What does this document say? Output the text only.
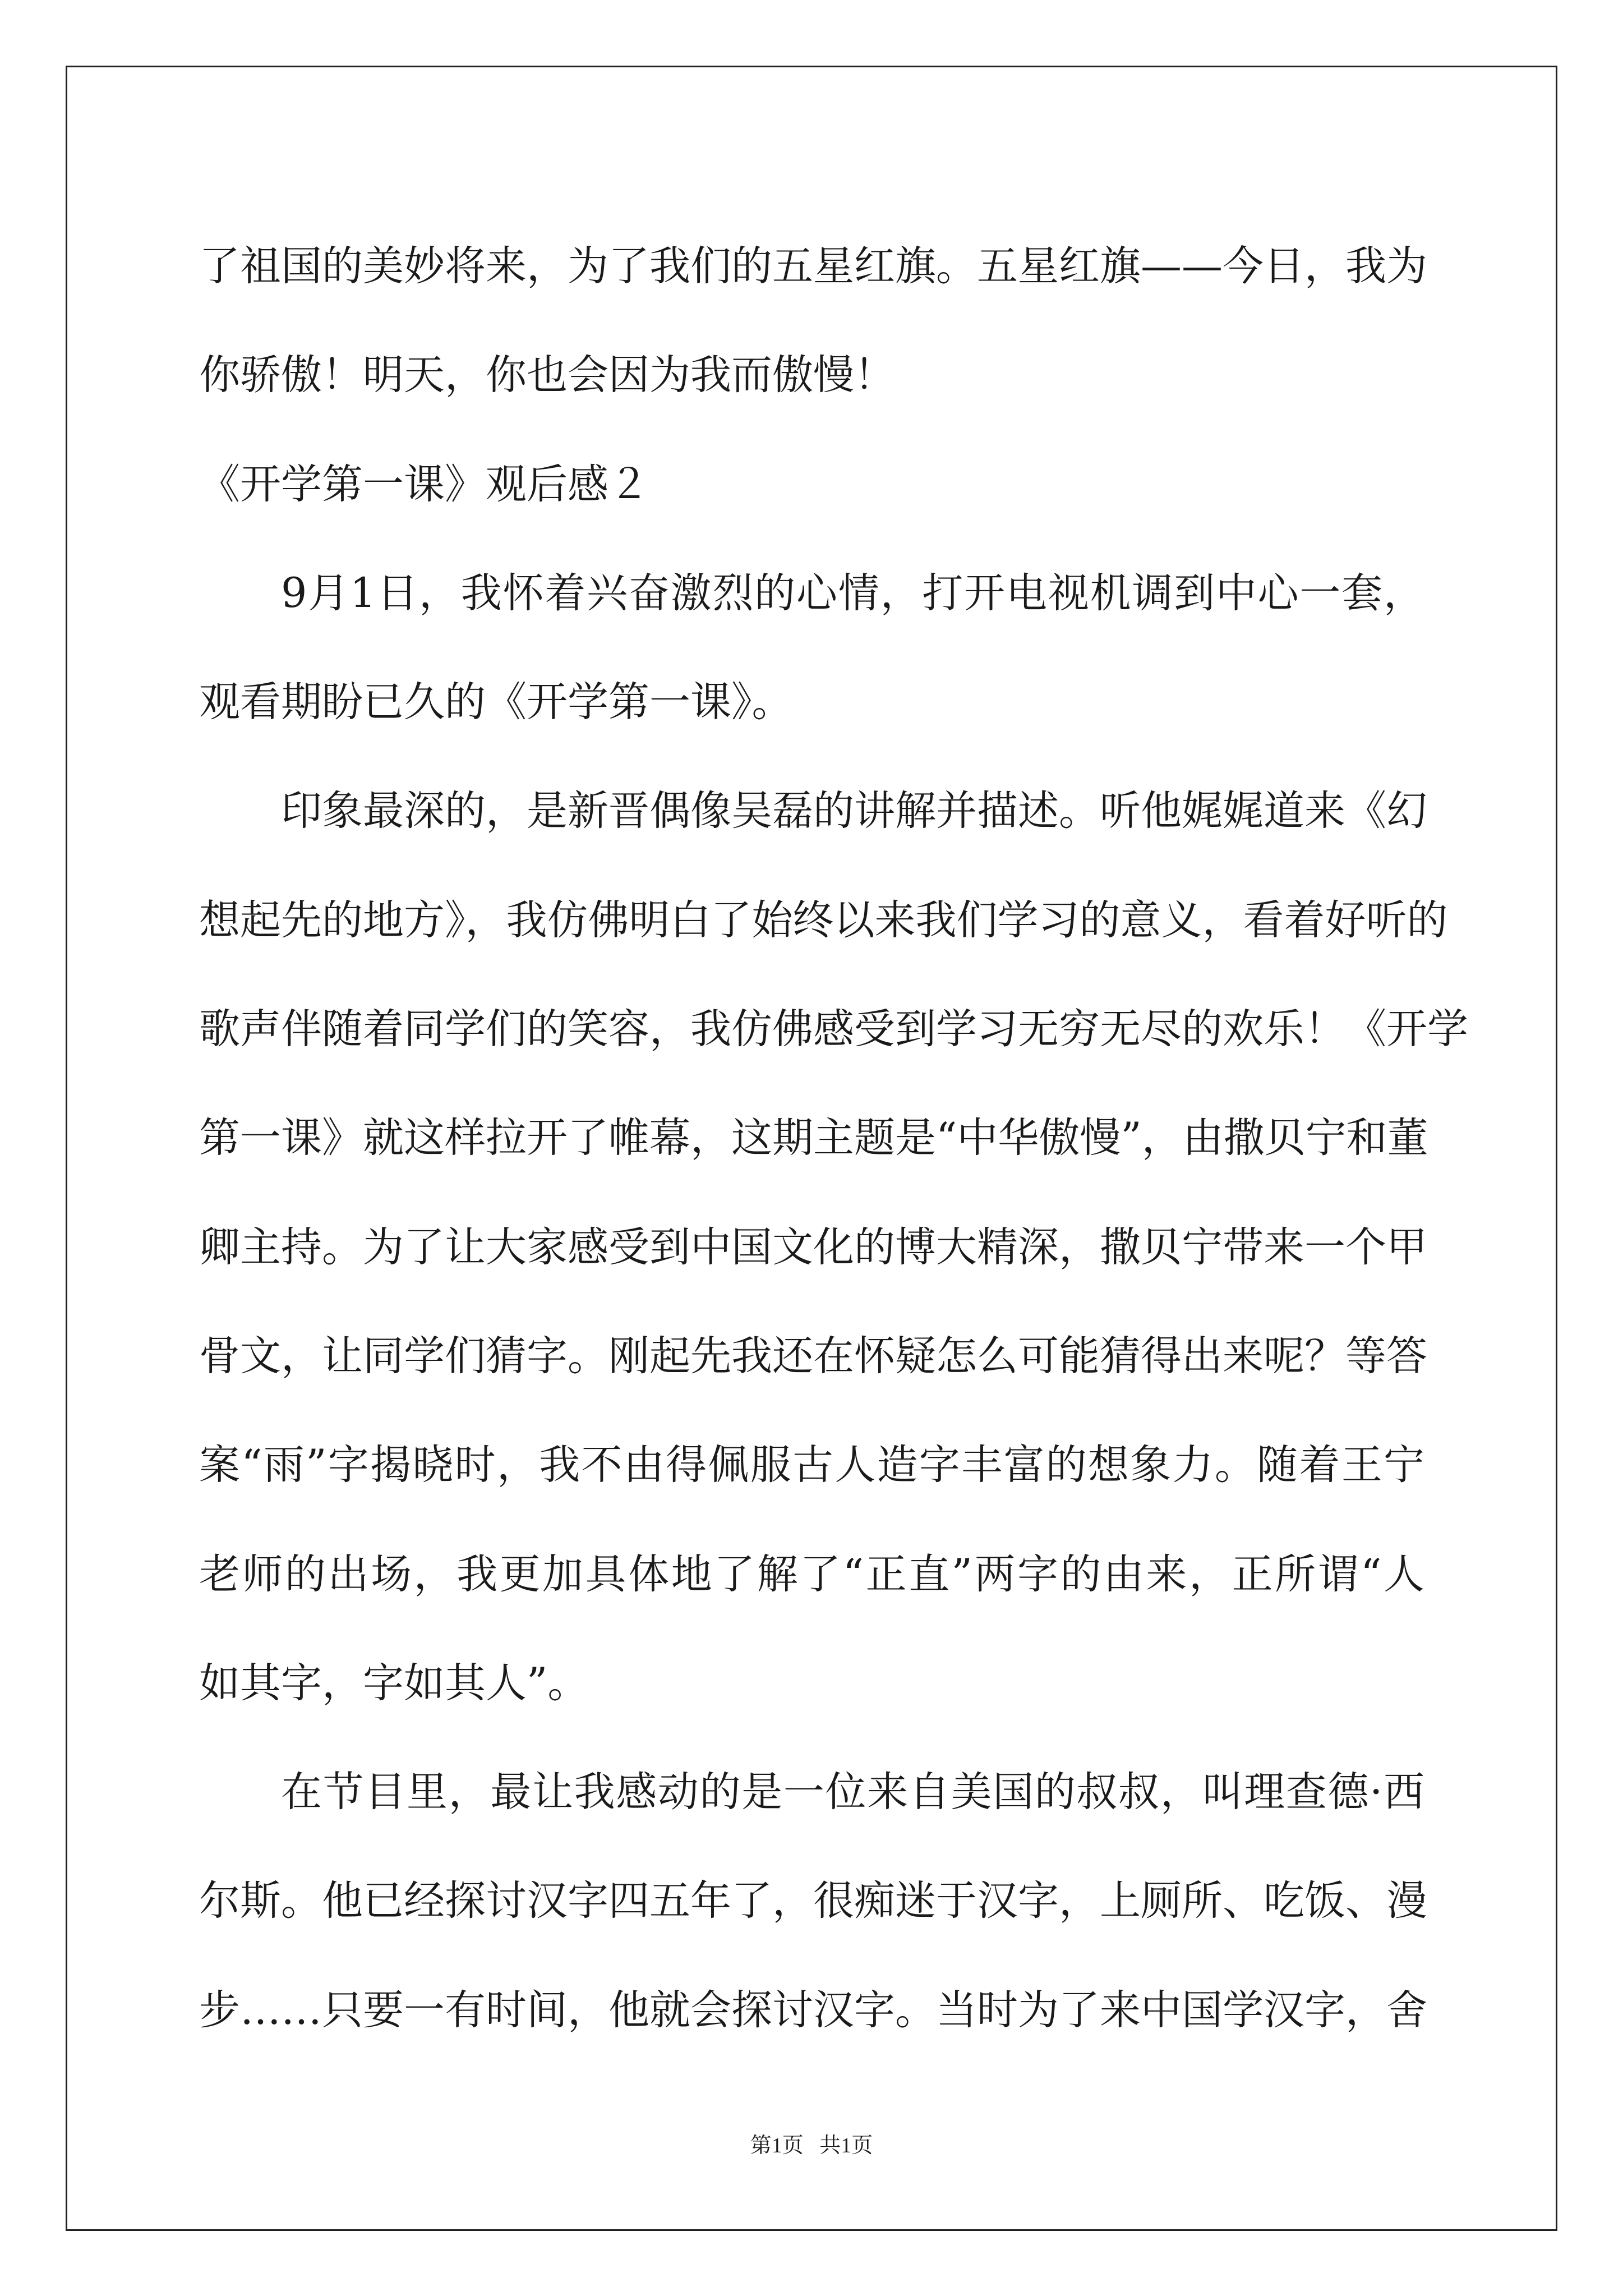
了祖国的美妙将来，为了我们的五星红旗。五星红旗——今日，我为
你骄傲！明天，你也会因为我而傲慢！
《开学第一课》观后感２
9月1日，我怀着兴奋激烈的心情，打开电视机调到中心一套，
观看期盼已久的《开学第一课》。
印象最深的，是新晋偶像吴磊的讲解并描述。听他娓娓道来《幻
想起先的地方》，我仿佛明白了始终以来我们学习的意义，看着好听的
歌声伴随着同学们的笑容，我仿佛感受到学习无穷无尽的欢乐！《开学
第一课》就这样拉开了帷幕，这期主题是“中华傲慢”，由撒贝宁和董
卿主持。为了让大家感受到中国文化的博大精深，撒贝宁带来一个甲
骨文，让同学们猜字。刚起先我还在怀疑怎么可能猜得出来呢？等答
案“雨”字揭晓时，我不由得佩服古人造字丰富的想象力。随着王宁
老师的出场，我更加具体地了解了“正直”两字的由来，正所谓“人
如其字，字如其人”。
在节目里，最让我感动的是一位来自美国的叔叔，叫理查德·西
尔斯。他已经探讨汉字四五年了，很痴迷于汉字，上厕所、吃饭、漫
步……只要一有时间，他就会探讨汉字。当时为了来中国学汉字，舍
第1页 共1页
